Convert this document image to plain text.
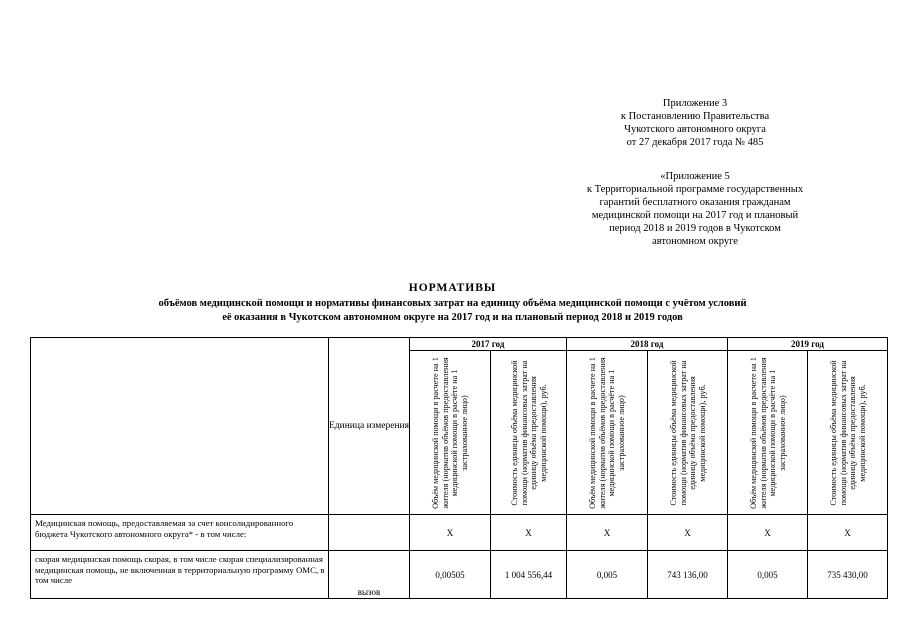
Приложение 3
к Постановлению Правительства
Чукотского автономного округа
от 27 декабря 2017 года № 485
«Приложение 5
к Территориальной программе государственных
гарантий бесплатного оказания гражданам
медицинской помощи на 2017 год и плановый
период 2018 и 2019 годов в Чукотском
автономном округе
НОРМАТИВЫ
объёмов медицинской помощи и нормативы финансовых затрат на единицу объёма медицинской помощи с учётом условий
её оказания в Чукотском автономном округе на 2017 год и на плановый период 2018 и 2019 годов
	Единица измерения	2017 год		2018 год		2019 год	

		Объём медицинской помощи в расчете на 1 жителя (норматив объёмов предоставления медицинской помощи в расчёте на 1 застрахованное лицо)	Стоимость единицы объёма медицинской помощи (норматив финансовых затрат на единицу объёма предоставления медицинской помощи), руб.	Объём медицинской помощи в расчете на 1 жителя (норматив объёмов предоставления медицинской помощи в расчёте на 1 застрахованное лицо)	Стоимость единицы объёма медицинской помощи (норматив финансовых затрат на единицу объёма предоставления медицинской помощи), руб.	Объём медицинской помощи в расчете на 1 жителя (норматив объёмов предоставления медицинской помощи в расчёте на 1 застрахованное лицо)	Стоимость единицы объёма медицинской помощи (норматив финансовых затрат на единицу объёма предоставления медицинской помощи), руб.

Медицинская помощь, предоставляемая за счет консолидированного бюджета Чукотского автономного округа* - в том числе:		Х	Х	Х	Х	Х	Х
скорая медицинская помощь скорая, в том числе скорая специализированная медицинская помощь, не включенная в территориальную программу ОМС, в том числе	вызов	0,00505	1 004 556,44	0,005	743 136,00	0,005	735 430,00
